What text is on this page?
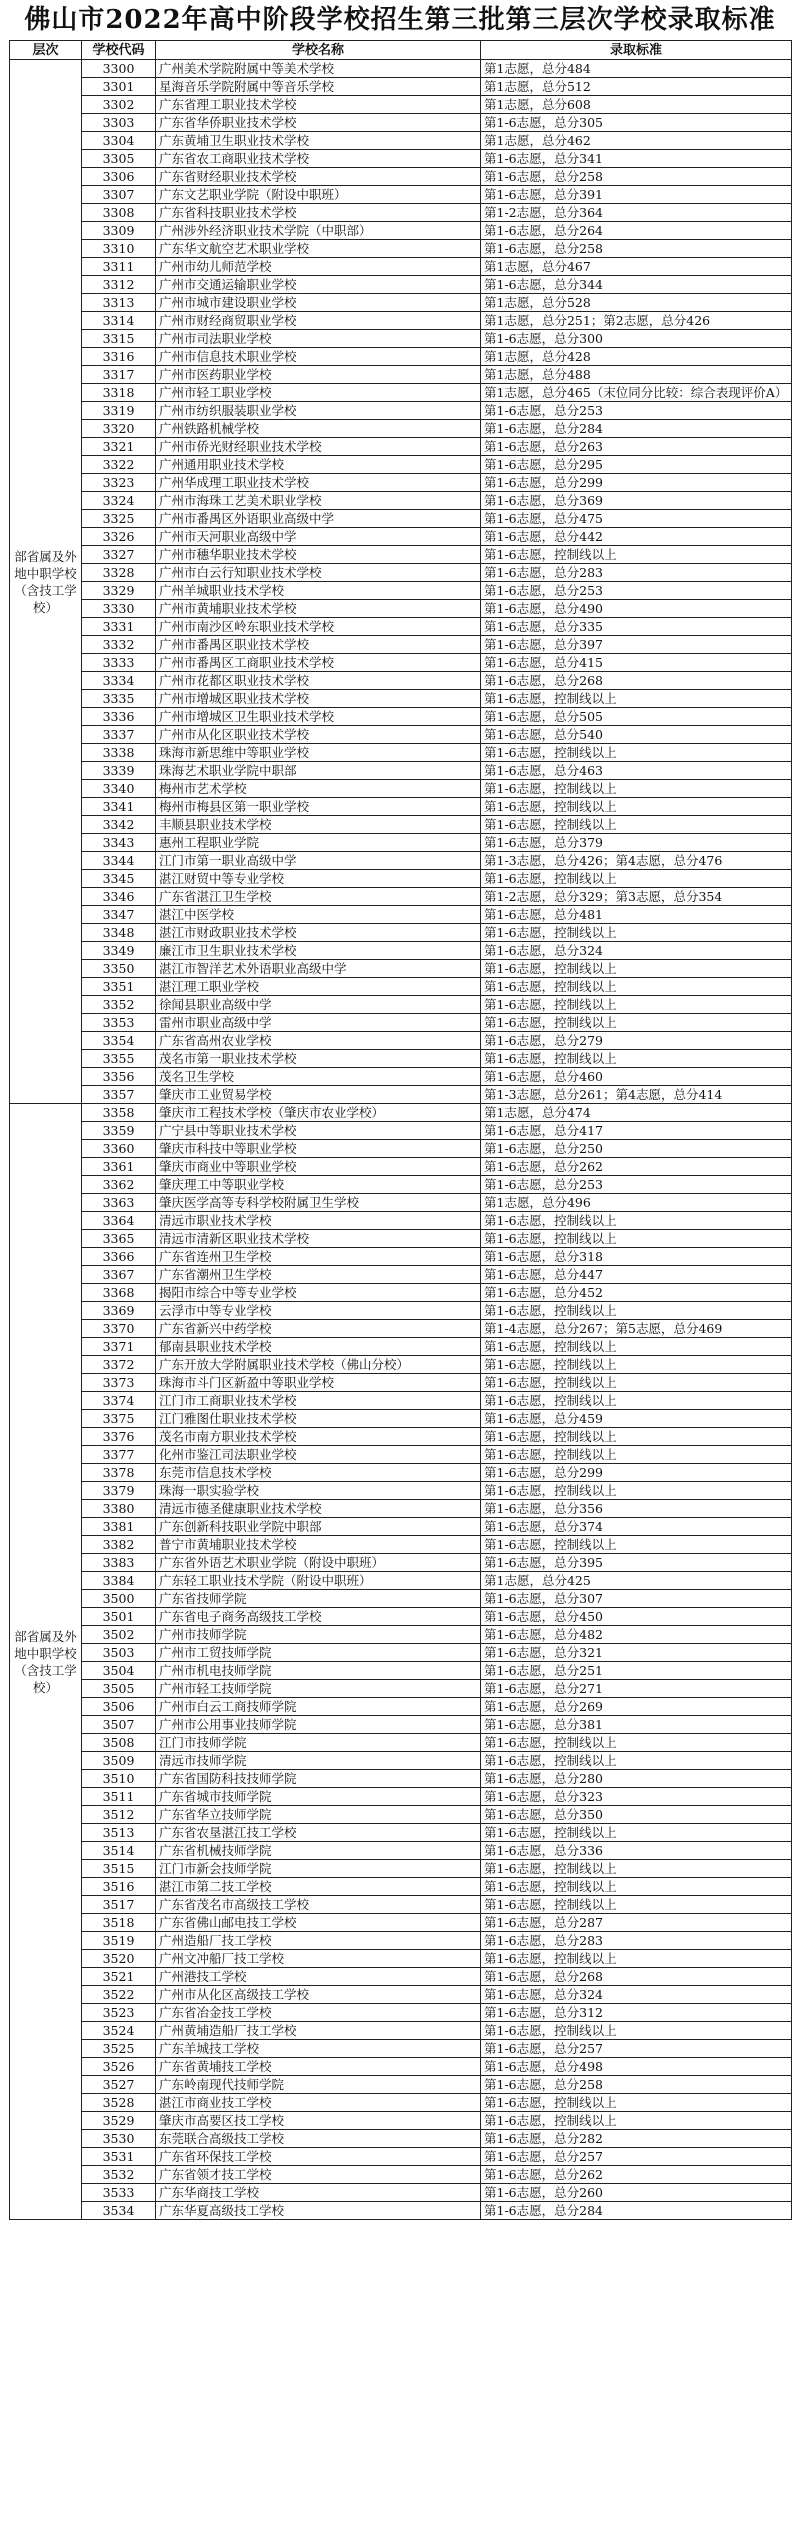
佛山市2022年高中阶段学校招生第三批第三层次学校录取标准
层次	学校代码	学校名称	录取标准
部省属及外地中职学校（含技工学校）	3300	广州美术学院附属中等美术学校	第1志愿，总分484
	3301	星海音乐学院附属中等音乐学校	第1志愿，总分512
	3302	广东省理工职业技术学校	第1志愿，总分608
	3303	广东省华侨职业技术学校	第1-6志愿，总分305
	3304	广东黄埔卫生职业技术学校	第1志愿，总分462
	3305	广东省农工商职业技术学校	第1-6志愿，总分341
	3306	广东省财经职业技术学校	第1-6志愿，总分258
	3307	广东文艺职业学院（附设中职班）	第1-6志愿，总分391
	3308	广东省科技职业技术学校	第1-2志愿，总分364
	3309	广州涉外经济职业技术学院（中职部）	第1-6志愿，总分264
	3310	广东华文航空艺术职业学校	第1-6志愿，总分258
	3311	广州市幼儿师范学校	第1志愿，总分467
	3312	广州市交通运输职业学校	第1-6志愿，总分344
	3313	广州市城市建设职业学校	第1志愿，总分528
	3314	广州市财经商贸职业学校	第1志愿，总分251；第2志愿，总分426
	3315	广州市司法职业学校	第1-6志愿，总分300
	3316	广州市信息技术职业学校	第1志愿，总分428
	3317	广州市医药职业学校	第1志愿，总分488
	3318	广州市轻工职业学校	第1志愿，总分465（末位同分比较：综合表现评价A）
	3319	广州市纺织服装职业学校	第1-6志愿，总分253
	3320	广州铁路机械学校	第1-6志愿，总分284
	3321	广州市侨光财经职业技术学校	第1-6志愿，总分263
	3322	广州通用职业技术学校	第1-6志愿，总分295
	3323	广州华成理工职业技术学校	第1-6志愿，总分299
	3324	广州市海珠工艺美术职业学校	第1-6志愿，总分369
	3325	广州市番禺区外语职业高级中学	第1-6志愿，总分475
	3326	广州市天河职业高级中学	第1-6志愿，总分442
	3327	广州市穗华职业技术学校	第1-6志愿，控制线以上
	3328	广州市白云行知职业技术学校	第1-6志愿，总分283
	3329	广州羊城职业技术学校	第1-6志愿，总分253
	3330	广州市黄埔职业技术学校	第1-6志愿，总分490
	3331	广州市南沙区岭东职业技术学校	第1-6志愿，总分335
	3332	广州市番禺区职业技术学校	第1-6志愿，总分397
	3333	广州市番禺区工商职业技术学校	第1-6志愿，总分415
	3334	广州市花都区职业技术学校	第1-6志愿，总分268
	3335	广州市增城区职业技术学校	第1-6志愿，控制线以上
	3336	广州市增城区卫生职业技术学校	第1-6志愿，总分505
	3337	广州市从化区职业技术学校	第1-6志愿，总分540
	3338	珠海市新思维中等职业学校	第1-6志愿，控制线以上
	3339	珠海艺术职业学院中职部	第1-6志愿，总分463
	3340	梅州市艺术学校	第1-6志愿，控制线以上
	3341	梅州市梅县区第一职业学校	第1-6志愿，控制线以上
	3342	丰顺县职业技术学校	第1-6志愿，控制线以上
	3343	惠州工程职业学院	第1-6志愿，总分379
	3344	江门市第一职业高级中学	第1-3志愿，总分426；第4志愿，总分476
	3345	湛江财贸中等专业学校	第1-6志愿，控制线以上
	3346	广东省湛江卫生学校	第1-2志愿，总分329；第3志愿，总分354
	3347	湛江中医学校	第1-6志愿，总分481
	3348	湛江市财政职业技术学校	第1-6志愿，控制线以上
	3349	廉江市卫生职业技术学校	第1-6志愿，总分324
	3350	湛江市智洋艺术外语职业高级中学	第1-6志愿，控制线以上
	3351	湛江理工职业学校	第1-6志愿，控制线以上
	3352	徐闻县职业高级中学	第1-6志愿，控制线以上
	3353	雷州市职业高级中学	第1-6志愿，控制线以上
	3354	广东省高州农业学校	第1-6志愿，总分279
	3355	茂名市第一职业技术学校	第1-6志愿，控制线以上
	3356	茂名卫生学校	第1-6志愿，总分460
	3357	肇庆市工业贸易学校	第1-3志愿，总分261；第4志愿，总分414
部省属及外地中职学校（含技工学校）	3358	肇庆市工程技术学校（肇庆市农业学校）	第1志愿，总分474
	3359	广宁县中等职业技术学校	第1-6志愿，总分417
	3360	肇庆市科技中等职业学校	第1-6志愿，总分250
	3361	肇庆市商业中等职业学校	第1-6志愿，总分262
	3362	肇庆理工中等职业学校	第1-6志愿，总分253
	3363	肇庆医学高等专科学校附属卫生学校	第1志愿，总分496
	3364	清远市职业技术学校	第1-6志愿，控制线以上
	3365	清远市清新区职业技术学校	第1-6志愿，控制线以上
	3366	广东省连州卫生学校	第1-6志愿，总分318
	3367	广东省潮州卫生学校	第1-6志愿，总分447
	3368	揭阳市综合中等专业学校	第1-6志愿，总分452
	3369	云浮市中等专业学校	第1-6志愿，控制线以上
	3370	广东省新兴中药学校	第1-4志愿，总分267；第5志愿，总分469
	3371	郁南县职业技术学校	第1-6志愿，控制线以上
	3372	广东开放大学附属职业技术学校（佛山分校）	第1-6志愿，控制线以上
	3373	珠海市斗门区新盈中等职业学校	第1-6志愿，控制线以上
	3374	江门市工商职业技术学校	第1-6志愿，控制线以上
	3375	江门雅图仕职业技术学校	第1-6志愿，总分459
	3376	茂名市南方职业技术学校	第1-6志愿，控制线以上
	3377	化州市鉴江司法职业学校	第1-6志愿，控制线以上
	3378	东莞市信息技术学校	第1-6志愿，总分299
	3379	珠海一职实验学校	第1-6志愿，控制线以上
	3380	清远市德圣健康职业技术学校	第1-6志愿，总分356
	3381	广东创新科技职业学院中职部	第1-6志愿，总分374
	3382	普宁市黄埔职业技术学校	第1-6志愿，控制线以上
	3383	广东省外语艺术职业学院（附设中职班）	第1-6志愿，总分395
	3384	广东轻工职业技术学院（附设中职班）	第1志愿，总分425
	3500	广东省技师学院	第1-6志愿，总分307
	3501	广东省电子商务高级技工学校	第1-6志愿，总分450
	3502	广州市技师学院	第1-6志愿，总分482
	3503	广州市工贸技师学院	第1-6志愿，总分321
	3504	广州市机电技师学院	第1-6志愿，总分251
	3505	广州市轻工技师学院	第1-6志愿，总分271
	3506	广州市白云工商技师学院	第1-6志愿，总分269
	3507	广州市公用事业技师学院	第1-6志愿，总分381
	3508	江门市技师学院	第1-6志愿，控制线以上
	3509	清远市技师学院	第1-6志愿，控制线以上
	3510	广东省国防科技技师学院	第1-6志愿，总分280
	3511	广东省城市技师学院	第1-6志愿，总分323
	3512	广东省华立技师学院	第1-6志愿，总分350
	3513	广东省农垦湛江技工学校	第1-6志愿，控制线以上
	3514	广东省机械技师学院	第1-6志愿，总分336
	3515	江门市新会技师学院	第1-6志愿，控制线以上
	3516	湛江市第二技工学校	第1-6志愿，控制线以上
	3517	广东省茂名市高级技工学校	第1-6志愿，控制线以上
	3518	广东省佛山邮电技工学校	第1-6志愿，总分287
	3519	广州造船厂技工学校	第1-6志愿，总分283
	3520	广州文冲船厂技工学校	第1-6志愿，控制线以上
	3521	广州港技工学校	第1-6志愿，总分268
	3522	广州市从化区高级技工学校	第1-6志愿，总分324
	3523	广东省冶金技工学校	第1-6志愿，总分312
	3524	广州黄埔造船厂技工学校	第1-6志愿，控制线以上
	3525	广东羊城技工学校	第1-6志愿，总分257
	3526	广东省黄埔技工学校	第1-6志愿，总分498
	3527	广东岭南现代技师学院	第1-6志愿，总分258
	3528	湛江市商业技工学校	第1-6志愿，控制线以上
	3529	肇庆市高要区技工学校	第1-6志愿，控制线以上
	3530	东莞联合高级技工学校	第1-6志愿，总分282
	3531	广东省环保技工学校	第1-6志愿，总分257
	3532	广东省领才技工学校	第1-6志愿，总分262
	3533	广东华商技工学校	第1-6志愿，总分260
	3534	广东华夏高级技工学校	第1-6志愿，总分284
